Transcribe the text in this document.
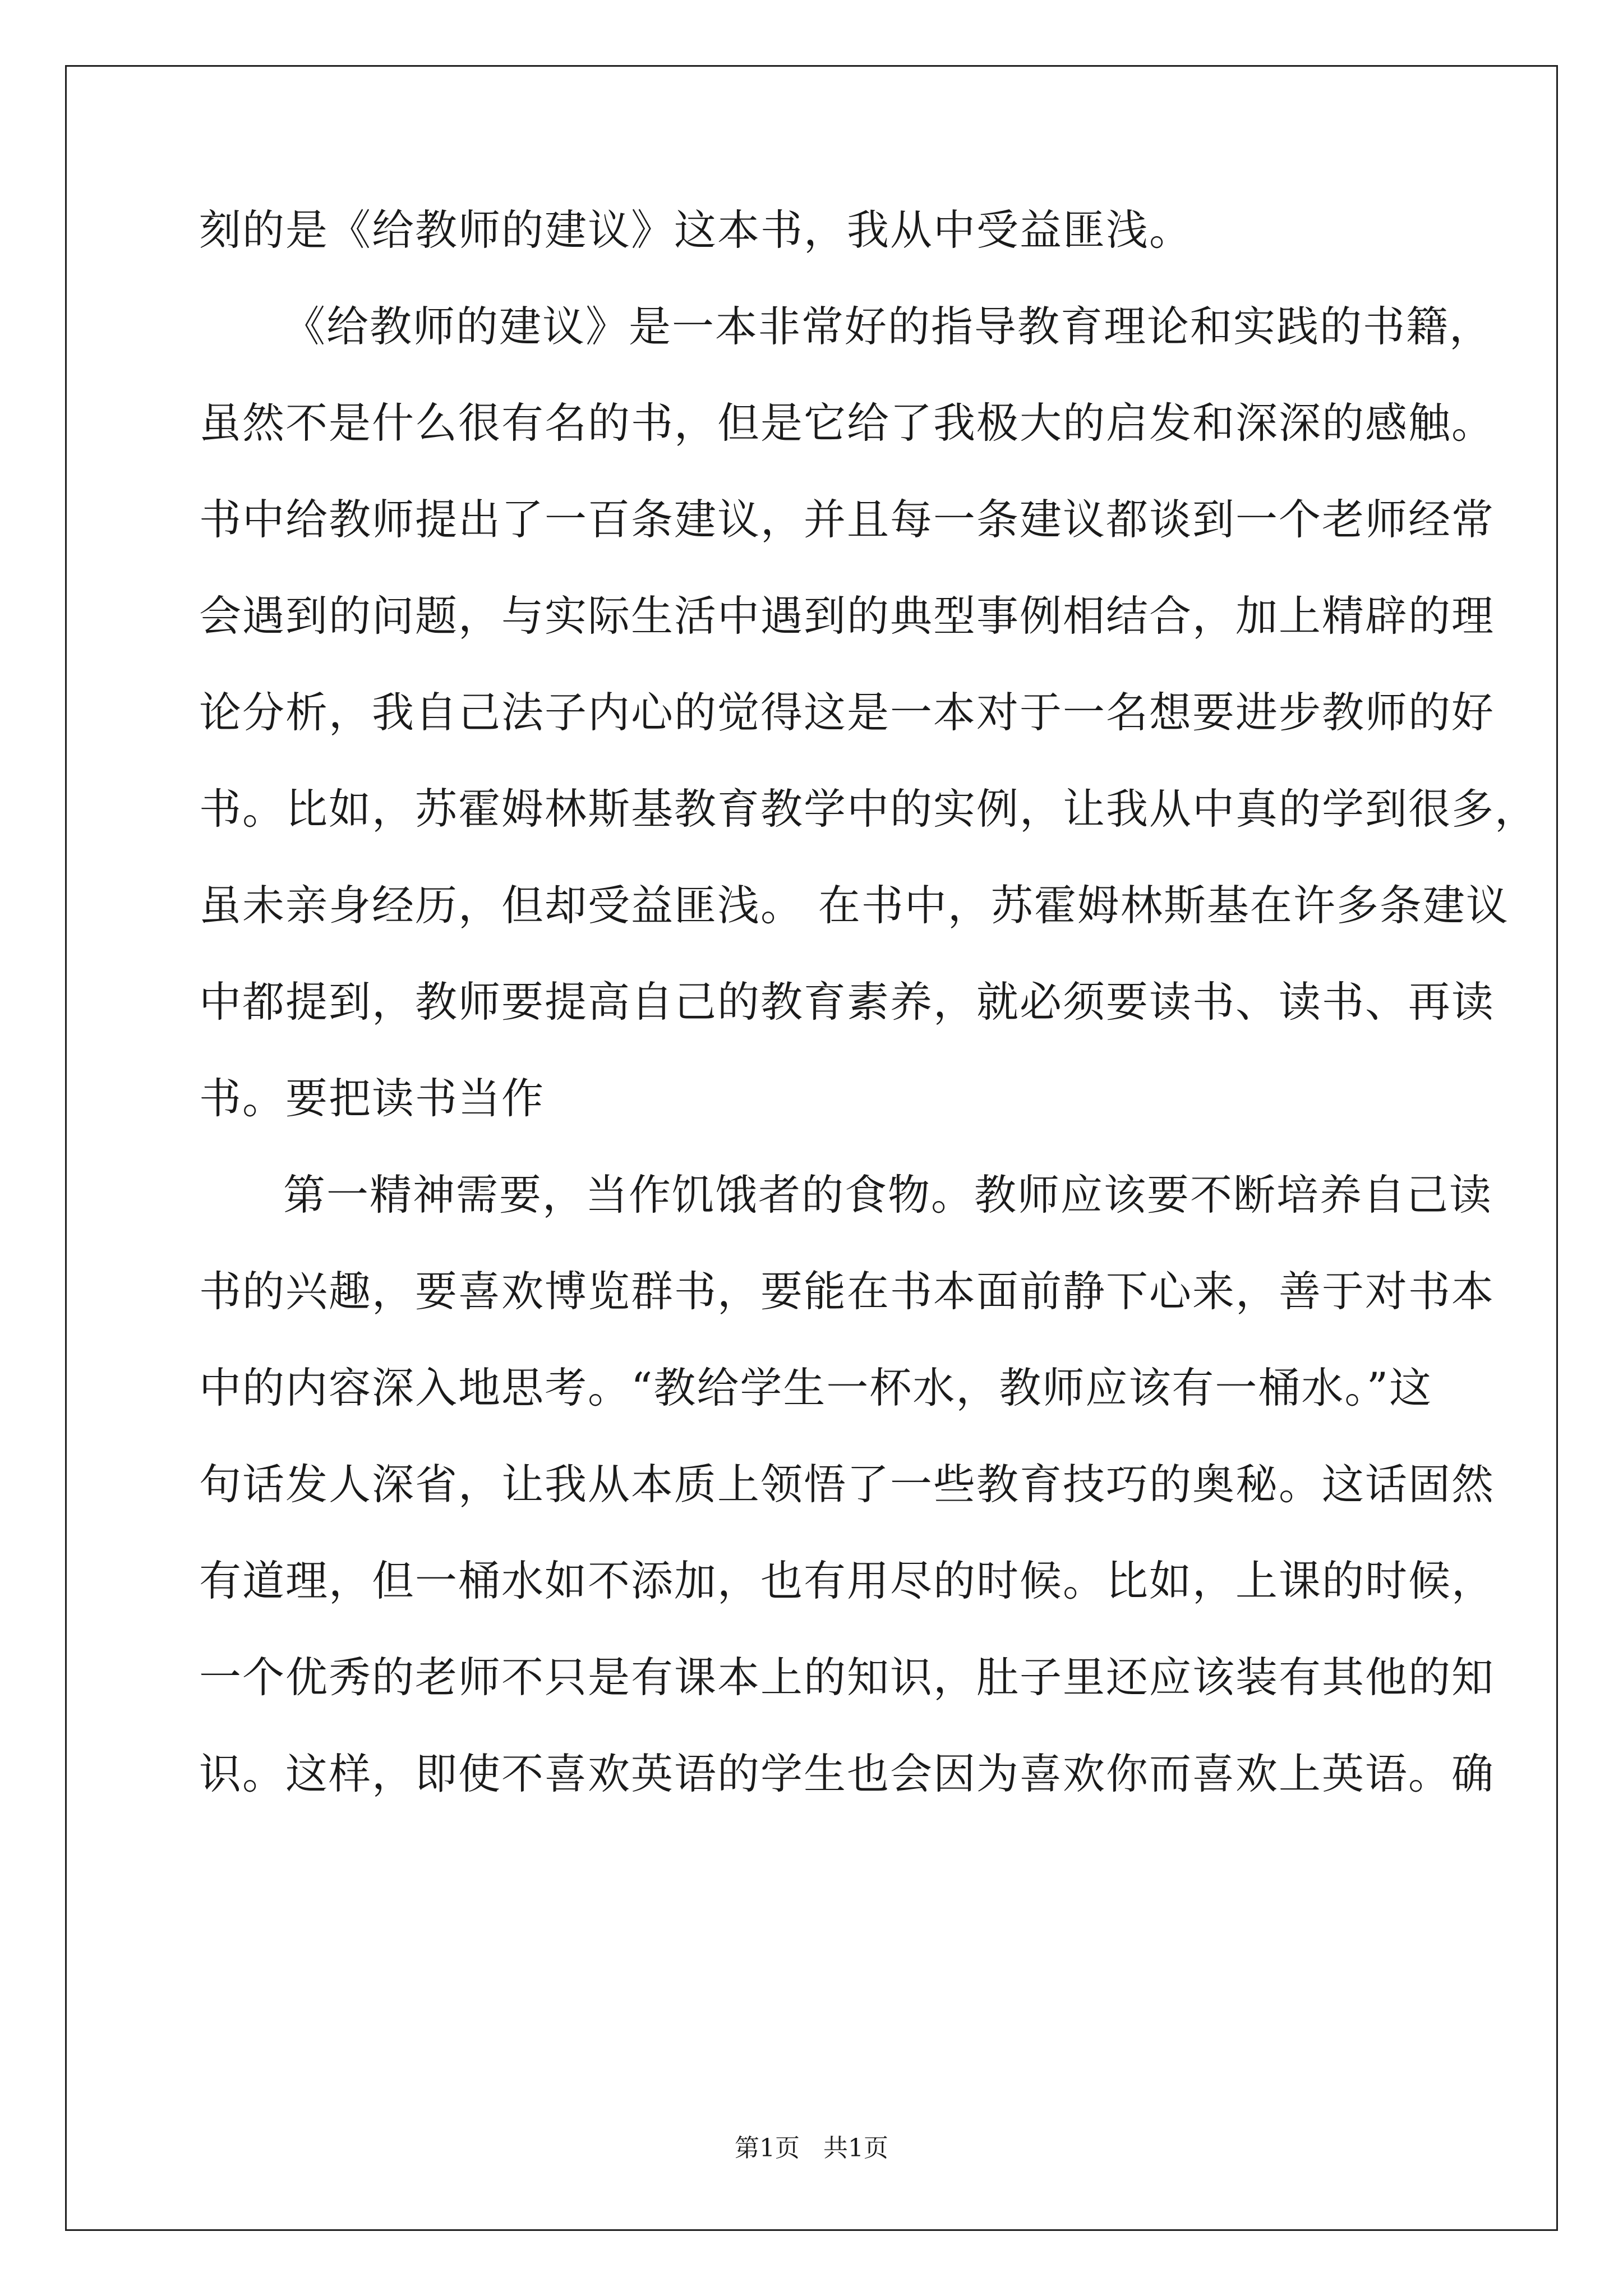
刻的是《给教师的建议》这本书，我从中受益匪浅。
《给教师的建议》是一本非常好的指导教育理论和实践的书籍，
虽然不是什么很有名的书，但是它给了我极大的启发和深深的感触。
书中给教师提出了一百条建议，并且每一条建议都谈到一个老师经常
会遇到的问题，与实际生活中遇到的典型事例相结合，加上精辟的理
论分析，我自己法子内心的觉得这是一本对于一名想要进步教师的好
书。比如，苏霍姆林斯基教育教学中的实例，让我从中真的学到很多，
虽未亲身经历，但却受益匪浅。 在书中，苏霍姆林斯基在许多条建议
中都提到，教师要提高自己的教育素养，就必须要读书、读书、再读
书。要把读书当作
第一精神需要，当作饥饿者的食物。教师应该要不断培养自己读
书的兴趣，要喜欢博览群书，要能在书本面前静下心来，善于对书本
中的内容深入地思考。“教给学生一杯水，教师应该有一桶水。”这
句话发人深省，让我从本质上领悟了一些教育技巧的奥秘。这话固然
有道理，但一桶水如不添加，也有用尽的时候。比如，上课的时候，
一个优秀的老师不只是有课本上的知识，肚子里还应该装有其他的知
识。这样，即使不喜欢英语的学生也会因为喜欢你而喜欢上英语。确
第1页   共1页
